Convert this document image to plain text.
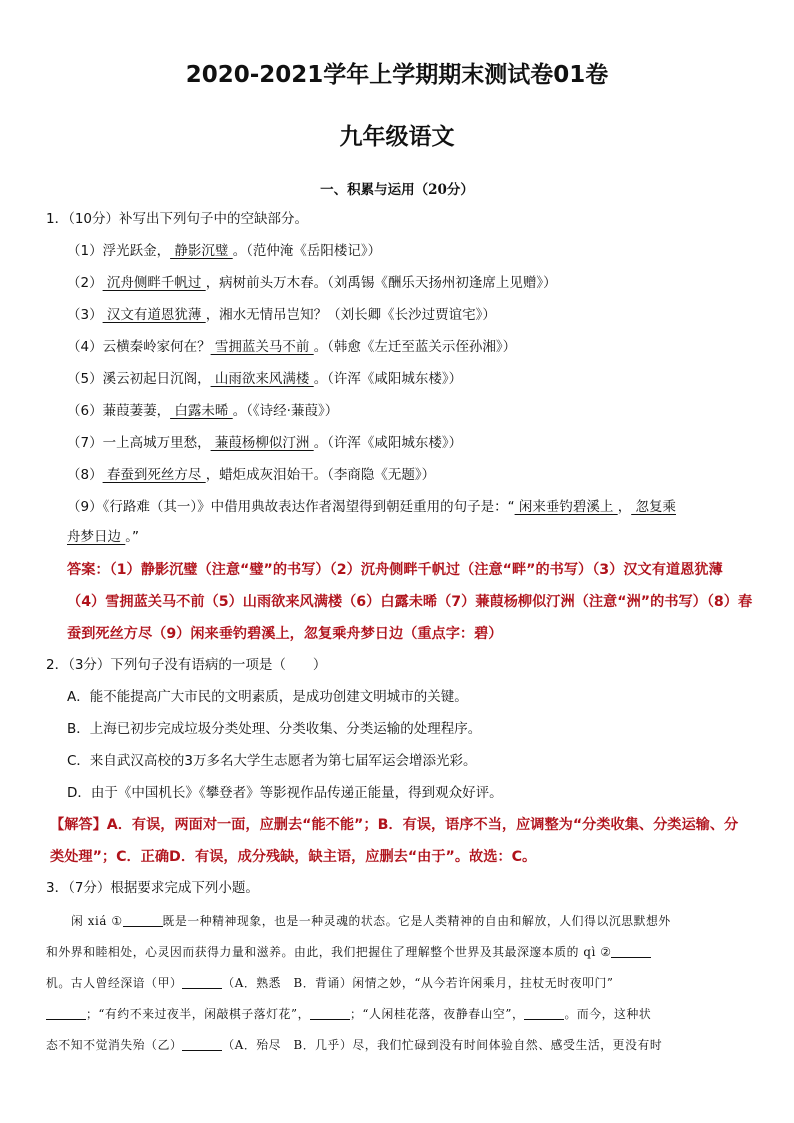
2020-2021学年上学期期末测试卷01卷
九年级语文
一、积累与运用（20分）
1．（10分）补写出下列句子中的空缺部分。
（1）浮光跃金， 静影沉璧 。（范仲淹《岳阳楼记》）
（2） 沉舟侧畔千帆过 ，病树前头万木春。（刘禹锡《酬乐天扬州初逢席上见赠》）
（3） 汉文有道恩犹薄 ，湘水无情吊岂知？（刘长卿《长沙过贾谊宅》）
（4）云横秦岭家何在？ 雪拥蓝关马不前 。（韩愈《左迁至蓝关示侄孙湘》）
（5）溪云初起日沉阁， 山雨欲来风满楼 。（许浑《咸阳城东楼》）
（6）蒹葭萋萋， 白露未晞 。（《诗经·蒹葭》）
（7）一上高城万里愁， 蒹葭杨柳似汀洲 。（许浑《咸阳城东楼》）
（8） 春蚕到死丝方尽 ，蜡炬成灰泪始干。（李商隐《无题》）
（9）《行路难（其一）》中借用典故表达作者渴望得到朝廷重用的句子是：“ 闲来垂钓碧溪上 ， 忽复乘
舟梦日边 。”
答案：（1）静影沉璧（注意“璧”的书写）（2）沉舟侧畔千帆过（注意“畔”的书写）（3）汉文有道恩犹薄
（4）雪拥蓝关马不前（5）山雨欲来风满楼（6）白露未晞（7）蒹葭杨柳似汀洲（注意“洲”的书写）（8）春
蚕到死丝方尽（9）闲来垂钓碧溪上，忽复乘舟梦日边（重点字：碧）
2．（3分）下列句子没有语病的一项是（　　）
A．能不能提高广大市民的文明素质，是成功创建文明城市的关键。
B．上海已初步完成垃圾分类处理、分类收集、分类运输的处理程序。
C．来自武汉高校的3万多名大学生志愿者为第七届军运会增添光彩。
D．由于《中国机长》《攀登者》等影视作品传递正能量，得到观众好评。
【解答】A．有误，两面对一面，应删去“能不能”；B．有误，语序不当，应调整为“分类收集、分类运输、分
类处理”；C．正确D．有误，成分残缺，缺主语，应删去“由于”。故选：C。
3．（7分）根据要求完成下列小题。
闲 xiá ①	既是一种精神现象，也是一种灵魂的状态。它是人类精神的自由和解放，人们得以沉思默想外
和外界和睦相处，心灵因而获得力量和滋养。由此，我们把握住了理解整个世界及其最深邃本质的 qì ②
机。古人曾经深谙（甲）	（A．熟悉　B．背诵）闲情之妙，“从今若许闲乘月，拄杖无时夜叩门”
；“有约不来过夜半，闲敲棋子落灯花”，	；“人闲桂花落，夜静春山空”，	。而今，这种状
态不知不觉消失殆（乙）	（A．殆尽　B．几乎）尽，我们忙碌到没有时间体验自然、感受生活，更没有时
